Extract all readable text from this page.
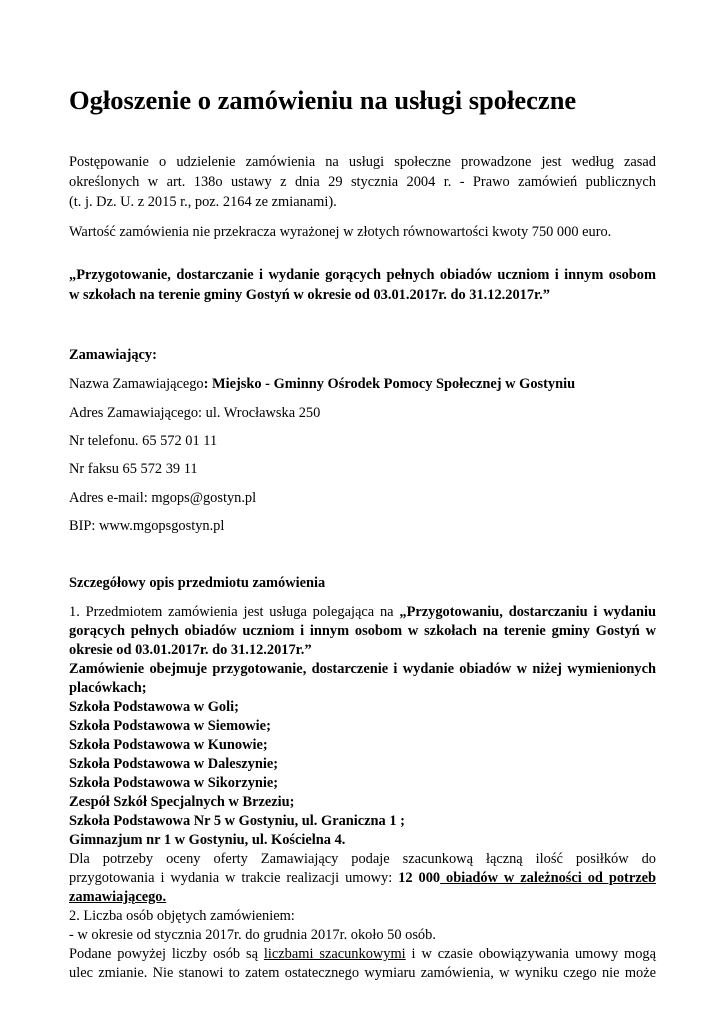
Ogłoszenie o zamówieniu na usługi społeczne

Postępowanie o udzielenie zamówienia na usługi społeczne prowadzone jest według zasad

określonych w art. 138o ustawy z dnia 29 stycznia 2004 r. - Prawo zamówień publicznych

(t. j. Dz. U. z 2015 r., poz. 2164 ze zmianami).

Wartość zamówienia nie przekracza wyrażonej w złotych równowartości kwoty 750 000 euro.

„Przygotowanie, dostarczanie i wydanie gorących pełnych obiadów uczniom i innym osobom

w szkołach na terenie gminy Gostyń w okresie od 03.01.2017r. do 31.12.2017r.”

Zamawiający:

Nazwa Zamawiającego: Miejsko - Gminny Ośrodek Pomocy Społecznej w Gostyniu

Adres Zamawiającego: ul. Wrocławska 250

Nr telefonu. 65 572 01 11

Nr faksu 65 572 39 11

Adres e-mail: mgops@gostyn.pl

BIP: www.mgopsgostyn.pl

Szczegółowy opis przedmiotu zamówienia

1. Przedmiotem zamówienia jest usługa polegająca na „Przygotowaniu, dostarczaniu i wydaniu

gorących pełnych obiadów uczniom i innym osobom w szkołach na terenie gminy Gostyń w

okresie od 03.01.2017r. do 31.12.2017r.”

Zamówienie obejmuje przygotowanie, dostarczenie i wydanie obiadów w niżej wymienionych

placówkach;

Szkoła Podstawowa w Goli;

Szkoła Podstawowa w Siemowie;

Szkoła Podstawowa w Kunowie;

Szkoła Podstawowa w Daleszynie;

Szkoła Podstawowa w Sikorzynie;

Zespół Szkół Specjalnych w Brzeziu;

Szkoła Podstawowa Nr 5 w Gostyniu, ul. Graniczna 1 ;

Gimnazjum nr 1 w Gostyniu, ul. Kościelna 4.

Dla potrzeby oceny oferty Zamawiający podaje szacunkową łączną ilość posiłków do

przygotowania i wydania w trakcie realizacji umowy: 12 000 obiadów w zależności od potrzeb

zamawiającego.

2. Liczba osób objętych zamówieniem:

- w okresie od stycznia 2017r. do grudnia 2017r. około 50 osób.

Podane powyżej liczby osób są liczbami szacunkowymi i w czasie obowiązywania umowy mogą

ulec zmianie. Nie stanowi to zatem ostatecznego wymiaru zamówienia, w wyniku czego nie może
